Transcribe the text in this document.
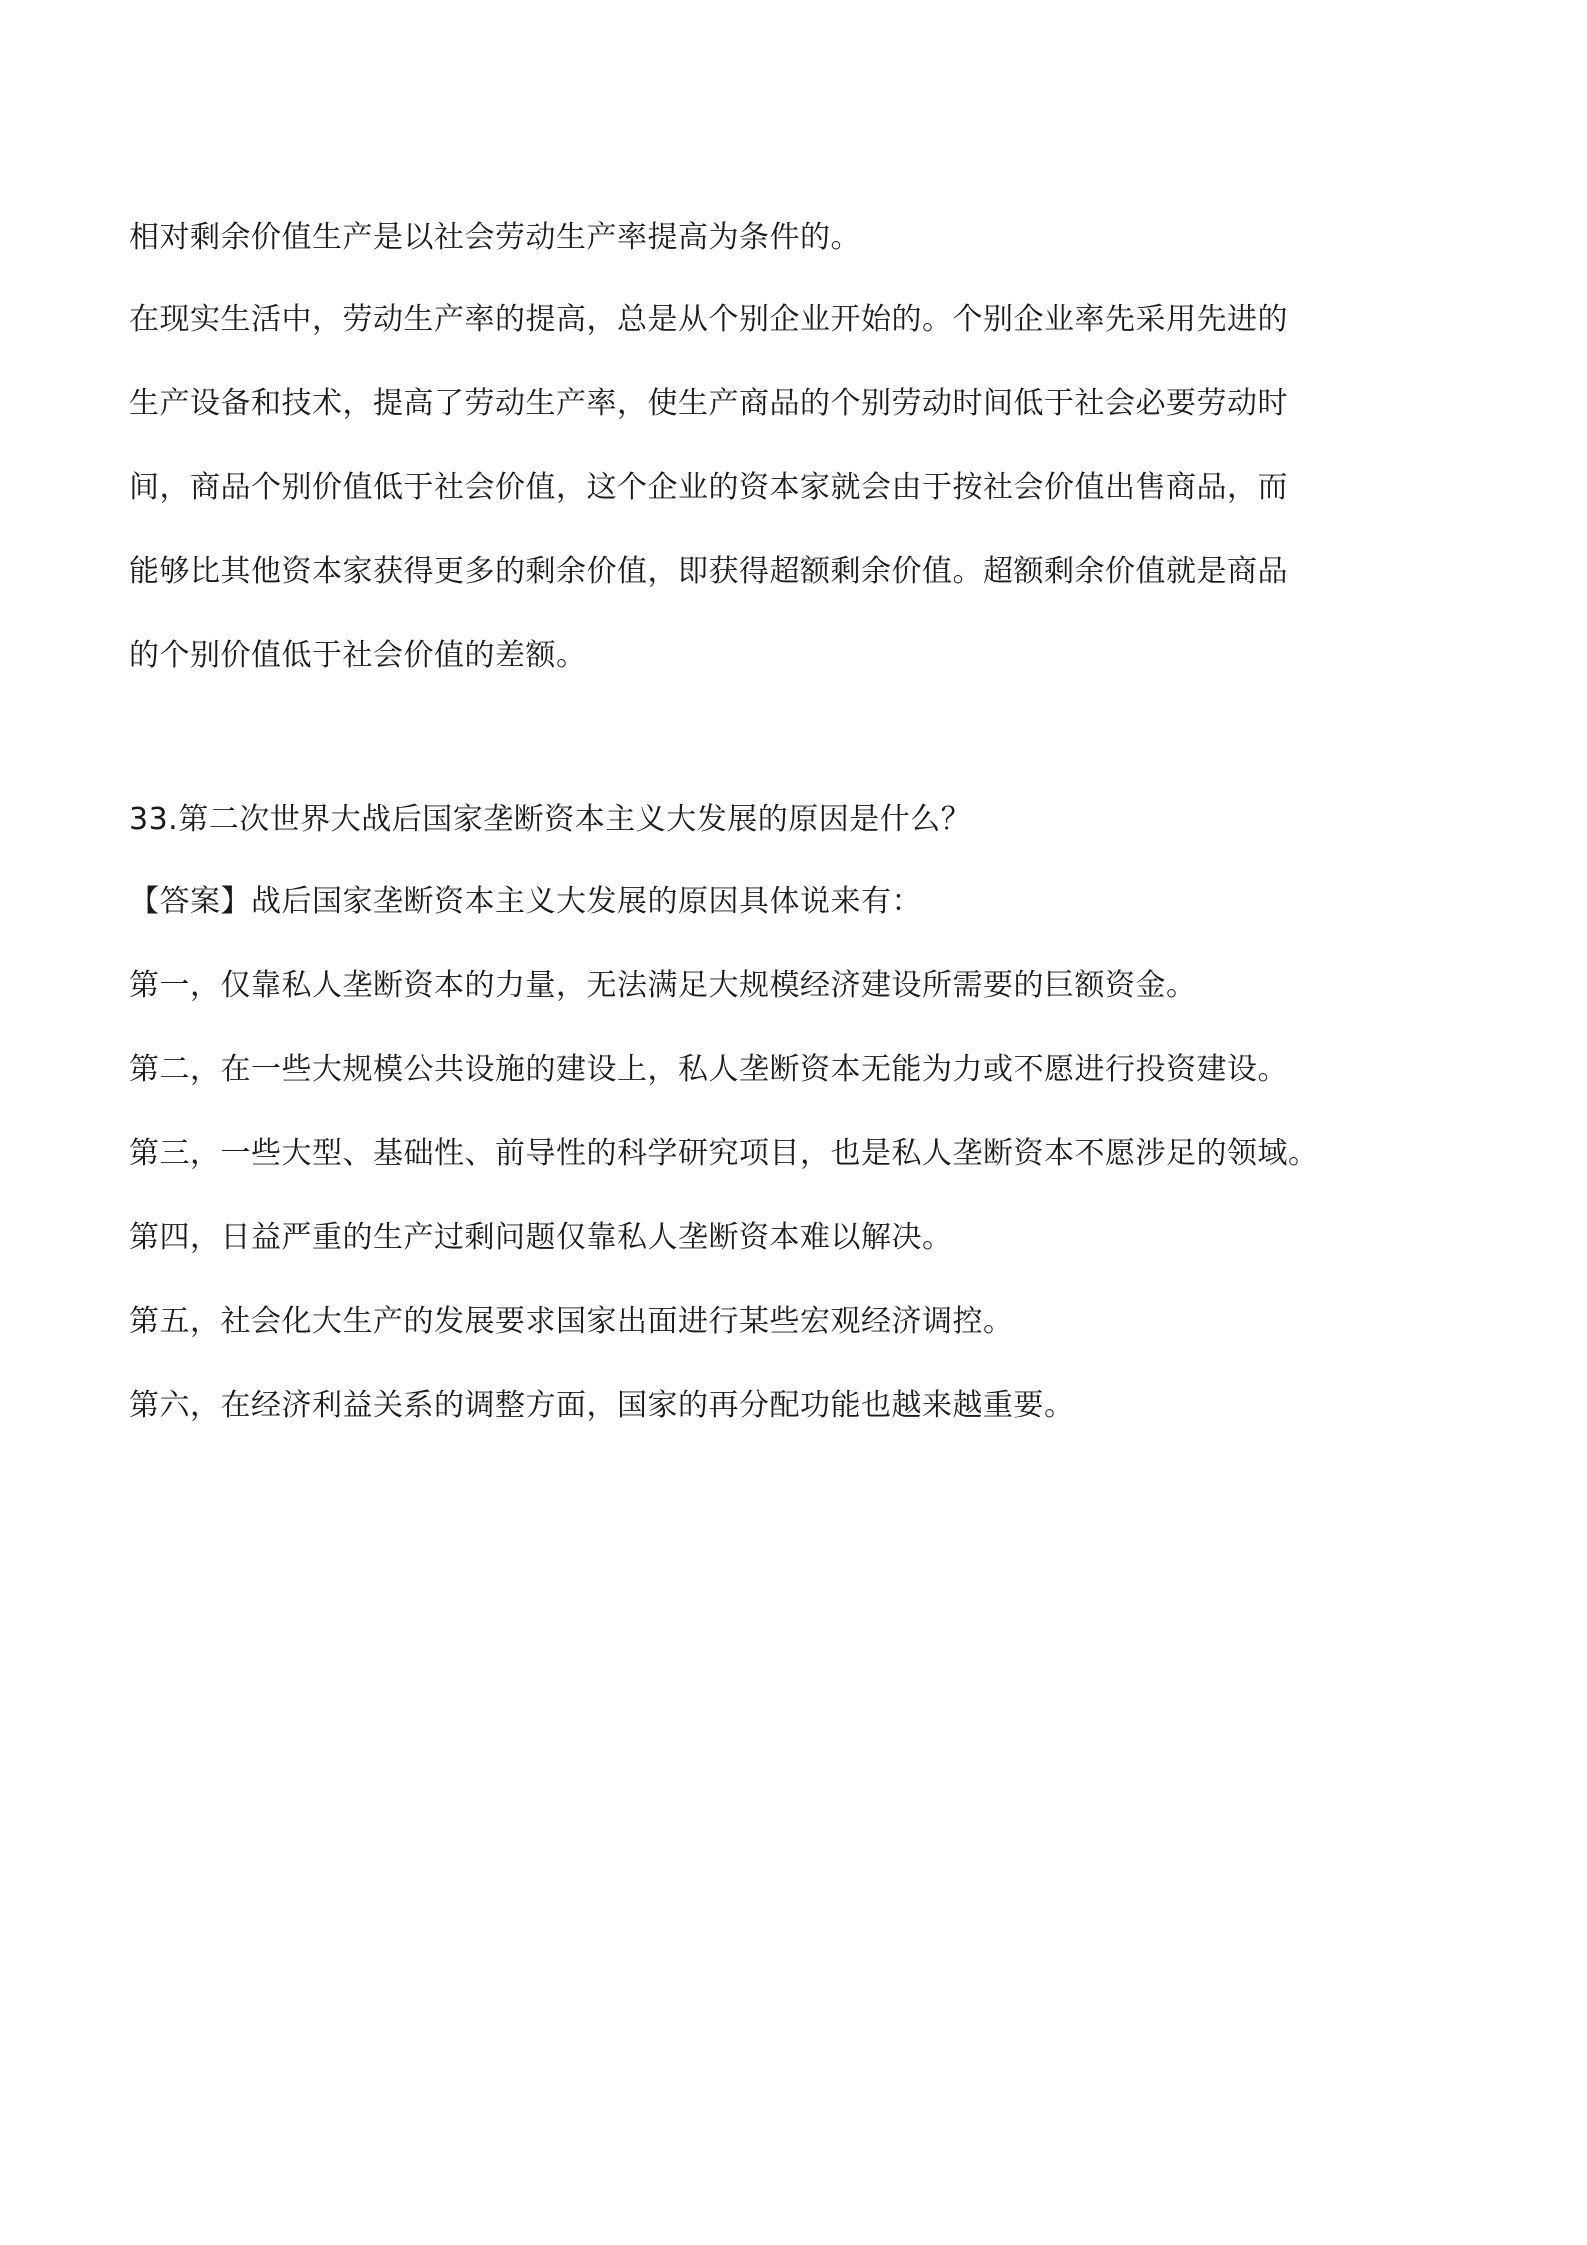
相对剩余价值生产是以社会劳动生产率提高为条件的。
在现实生活中，劳动生产率的提高，总是从个别企业开始的。个别企业率先采用先进的
生产设备和技术，提高了劳动生产率，使生产商品的个别劳动时间低于社会必要劳动时
间，商品个别价值低于社会价值，这个企业的资本家就会由于按社会价值出售商品，而
能够比其他资本家获得更多的剩余价值，即获得超额剩余价值。超额剩余价值就是商品
的个别价值低于社会价值的差额。
33.第二次世界大战后国家垄断资本主义大发展的原因是什么？
【答案】战后国家垄断资本主义大发展的原因具体说来有：
第一，仅靠私人垄断资本的力量，无法满足大规模经济建设所需要的巨额资金。
第二，在一些大规模公共设施的建设上，私人垄断资本无能为力或不愿进行投资建设。
第三，一些大型、基础性、前导性的科学研究项目，也是私人垄断资本不愿涉足的领域。
第四，日益严重的生产过剩问题仅靠私人垄断资本难以解决。
第五，社会化大生产的发展要求国家出面进行某些宏观经济调控。
第六，在经济利益关系的调整方面，国家的再分配功能也越来越重要。
